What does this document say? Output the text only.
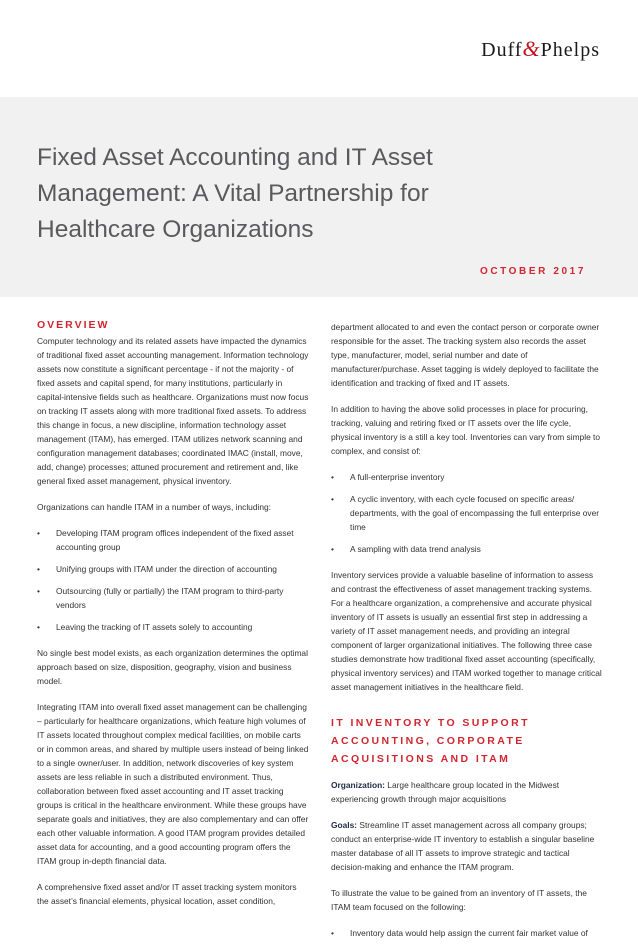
Duff&Phelps
Fixed Asset Accounting and IT Asset Management: A Vital Partnership for Healthcare Organizations
OCTOBER 2017
OVERVIEW

Computer technology and its related assets have impacted the dynamics of traditional fixed asset accounting management. Information technology assets now constitute a significant percentage - if not the majority - of fixed assets and capital spend, for many institutions, particularly in capital-intensive fields such as healthcare. Organizations must now focus on tracking IT assets along with more traditional fixed assets. To address this change in focus, a new discipline, information technology asset management (ITAM), has emerged. ITAM utilizes network scanning and configuration management databases; coordinated IMAC (install, move, add, change) processes; attuned procurement and retirement and, like general fixed asset management, physical inventory.

Organizations can handle ITAM in a number of ways, including:

• Developing ITAM program offices independent of the fixed asset accounting group
• Unifying groups with ITAM under the direction of accounting
• Outsourcing (fully or partially) the ITAM program to third-party vendors
• Leaving the tracking of IT assets solely to accounting

No single best model exists, as each organization determines the optimal approach based on size, disposition, geography, vision and business model.

Integrating ITAM into overall fixed asset management can be challenging – particularly for healthcare organizations, which feature high volumes of IT assets located throughout complex medical facilities, on mobile carts or in common areas, and shared by multiple users instead of being linked to a single owner/user. In addition, network discoveries of key system assets are less reliable in such a distributed environment. Thus, collaboration between fixed asset accounting and IT asset tracking groups is critical in the healthcare environment. While these groups have separate goals and initiatives, they are also complementary and can offer each other valuable information. A good ITAM program provides detailed asset data for accounting, and a good accounting program offers the ITAM group in-depth financial data.

A comprehensive fixed asset and/or IT asset tracking system monitors the asset’s financial elements, physical location, asset condition,

department allocated to and even the contact person or corporate owner responsible for the asset. The tracking system also records the asset type, manufacturer, model, serial number and date of manufacturer/purchase. Asset tagging is widely deployed to facilitate the identification and tracking of fixed and IT assets.

In addition to having the above solid processes in place for procuring, tracking, valuing and retiring fixed or IT assets over the life cycle, physical inventory is a still a key tool. Inventories can vary from simple to complex, and consist of:

• A full-enterprise inventory
• A cyclic inventory, with each cycle focused on specific areas/ departments, with the goal of encompassing the full enterprise over time
• A sampling with data trend analysis

Inventory services provide a valuable baseline of information to assess and contrast the effectiveness of asset management tracking systems. For a healthcare organization, a comprehensive and accurate physical inventory of IT assets is usually an essential first step in addressing a variety of IT asset management needs, and providing an integral component of larger organizational initiatives. The following three case studies demonstrate how traditional fixed asset accounting (specifically, physical inventory services) and ITAM worked together to manage critical asset management initiatives in the healthcare field.

IT INVENTORY TO SUPPORT ACCOUNTING, CORPORATE ACQUISITIONS AND ITAM

Organization: Large healthcare group located in the Midwest experiencing growth through major acquisitions

Goals: Streamline IT asset management across all company groups; conduct an enterprise-wide IT inventory to establish a singular baseline master database of all IT assets to improve strategic and tactical decision-making and enhance the ITAM program.

To illustrate the value to be gained from an inventory of IT assets, the ITAM team focused on the following:

• Inventory data would help assign the current fair market value of
